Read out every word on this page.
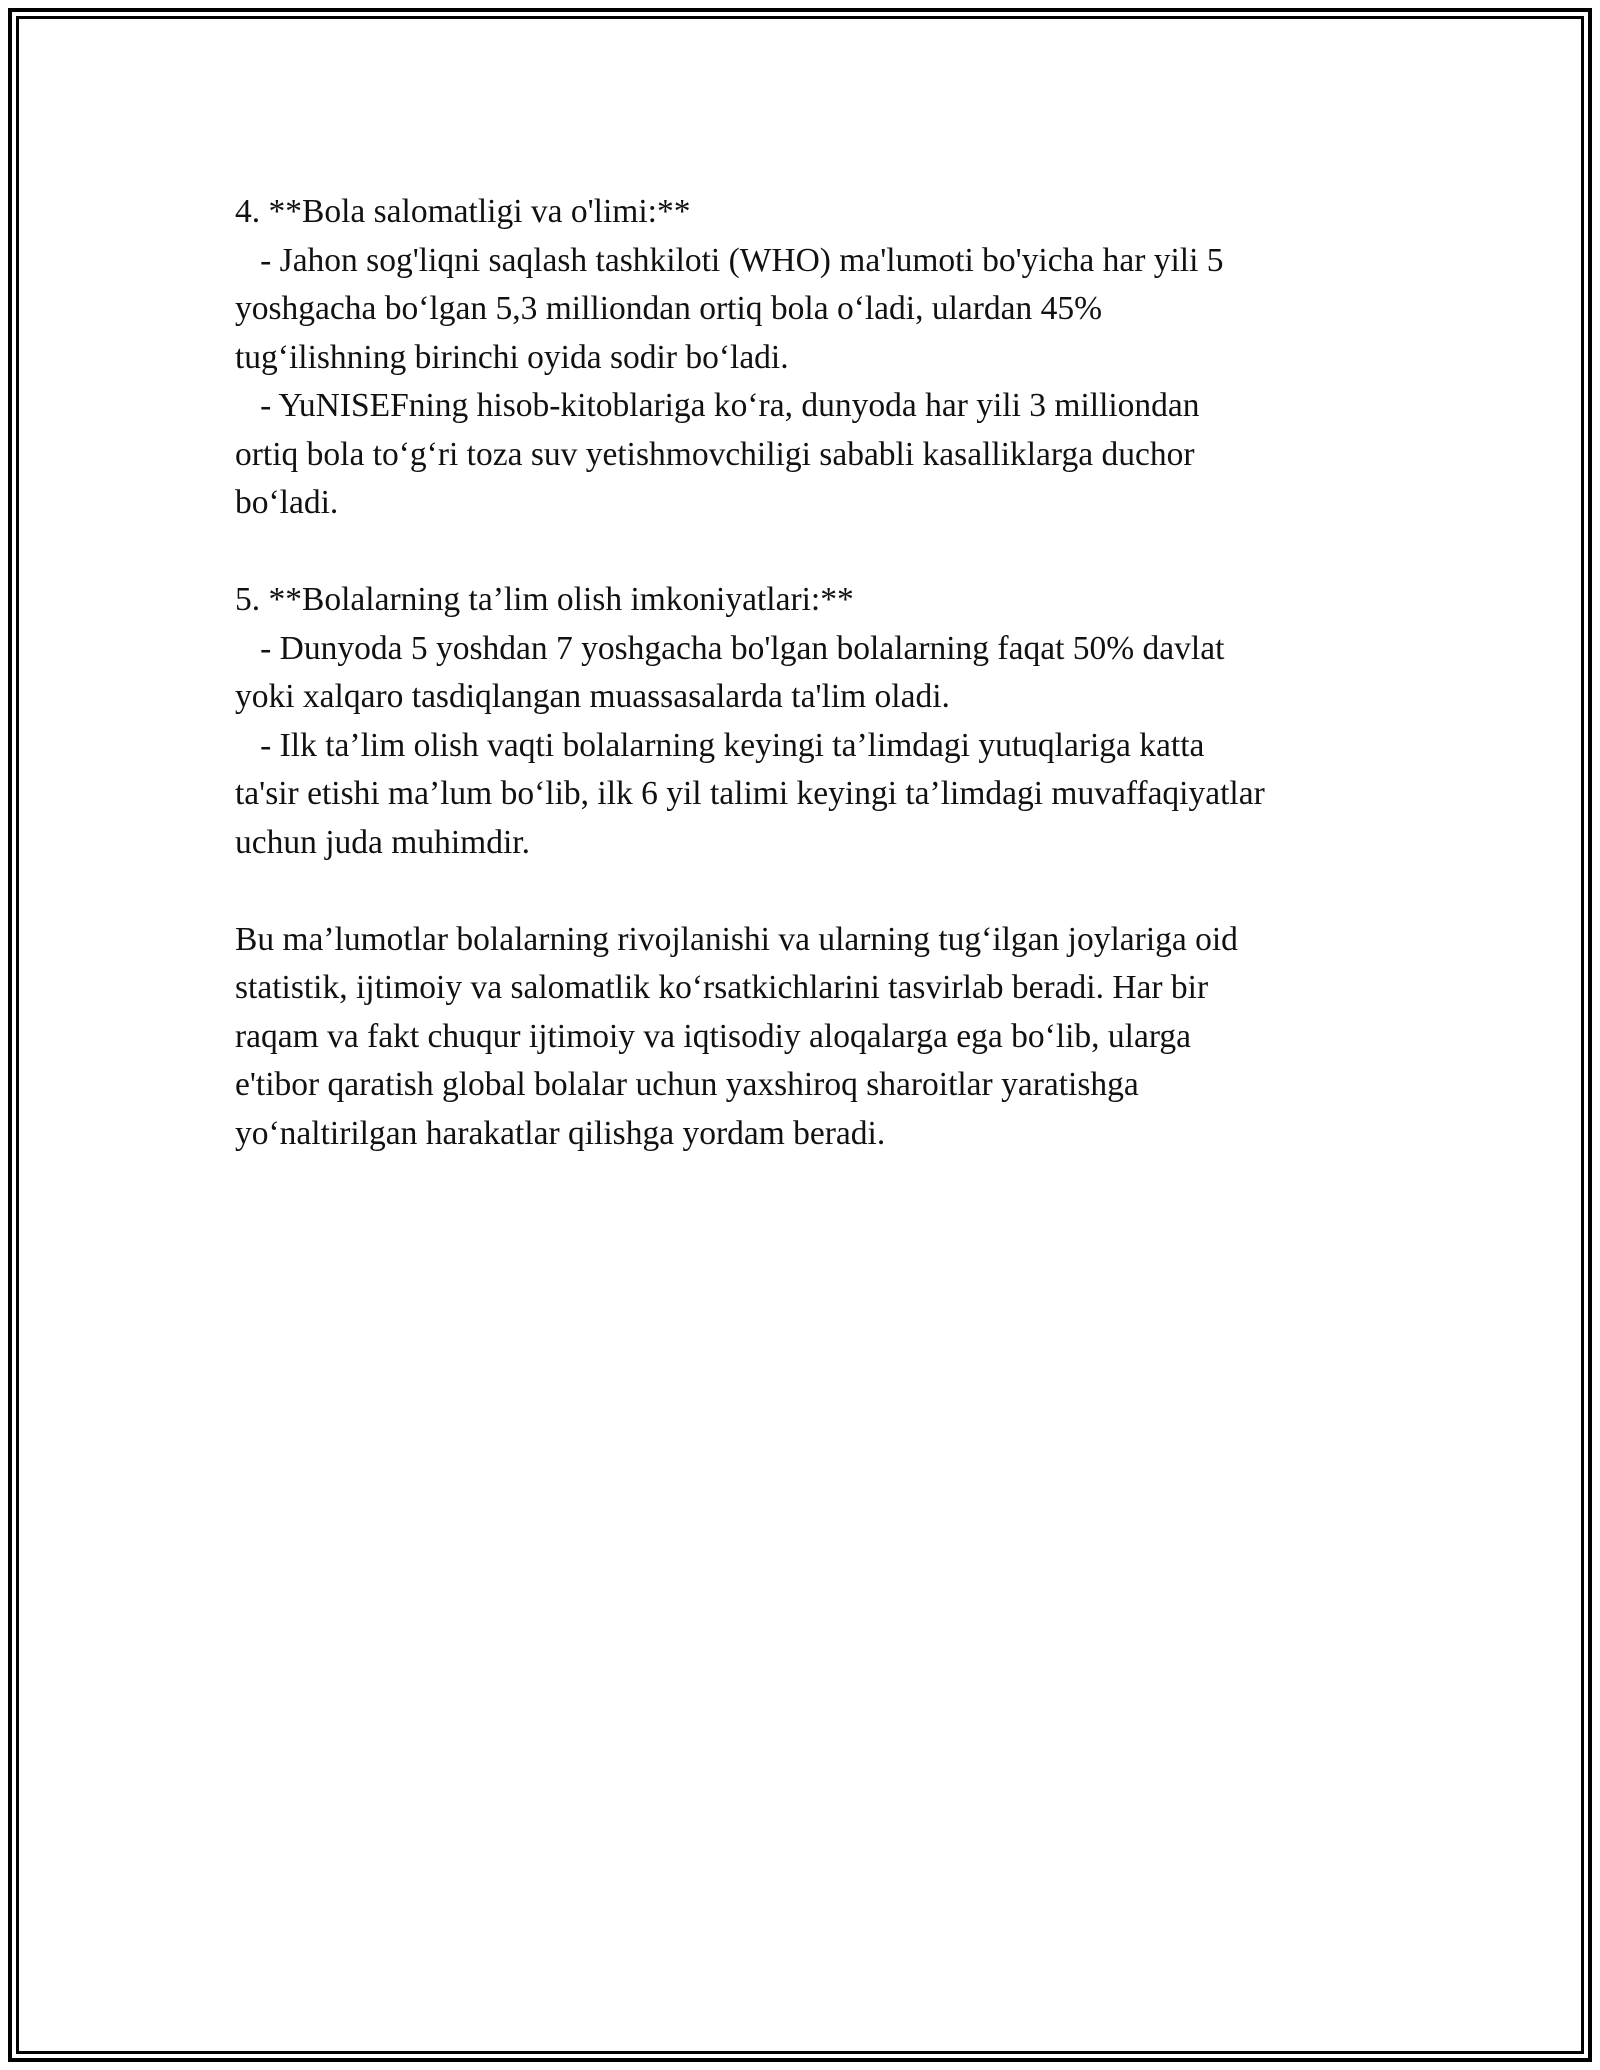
4. **Bola salomatligi va o'limi:**
- Jahon sog'liqni saqlash tashkiloti (WHO) ma'lumoti bo'yicha har yili 5
yoshgacha bo‘lgan 5,3 milliondan ortiq bola o‘ladi, ulardan 45%
tug‘ilishning birinchi oyida sodir bo‘ladi.
- YuNISEFning hisob-kitoblariga ko‘ra, dunyoda har yili 3 milliondan
ortiq bola to‘g‘ri toza suv yetishmovchiligi sababli kasalliklarga duchor
bo‘ladi.
5. **Bolalarning ta’lim olish imkoniyatlari:**
- Dunyoda 5 yoshdan 7 yoshgacha bo'lgan bolalarning faqat 50% davlat
yoki xalqaro tasdiqlangan muassasalarda ta'lim oladi.
- Ilk ta’lim olish vaqti bolalarning keyingi ta’limdagi yutuqlariga katta
ta'sir etishi ma’lum bo‘lib, ilk 6 yil talimi keyingi ta’limdagi muvaffaqiyatlar
uchun juda muhimdir.
Bu ma’lumotlar bolalarning rivojlanishi va ularning tug‘ilgan joylariga oid
statistik, ijtimoiy va salomatlik ko‘rsatkichlarini tasvirlab beradi. Har bir
raqam va fakt chuqur ijtimoiy va iqtisodiy aloqalarga ega bo‘lib, ularga
e'tibor qaratish global bolalar uchun yaxshiroq sharoitlar yaratishga
yo‘naltirilgan harakatlar qilishga yordam beradi.
